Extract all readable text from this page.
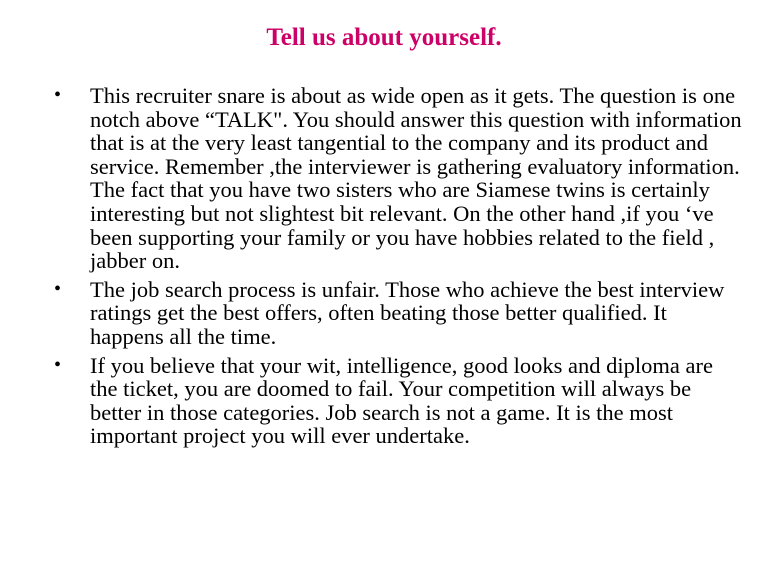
Tell us about yourself.
• This recruiter snare is about as wide open as it gets. The question is one notch above “TALK". You should answer this question with information that is at the very least tangential to the company and its product and service. Remember ,the interviewer is gathering evaluatory information. The fact that you have two sisters who are Siamese twins is certainly interesting but not slightest bit relevant. On the other hand ,if you ‘ve been supporting your family or you have hobbies related to the field , jabber on.
• The job search process is unfair. Those who achieve the best interview ratings get the best offers, often beating those better qualified. It happens all the time.
• If you believe that your wit, intelligence, good looks and diploma are the ticket, you are doomed to fail. Your competition will always be better in those categories. Job search is not a game. It is the most important project you will ever undertake.
